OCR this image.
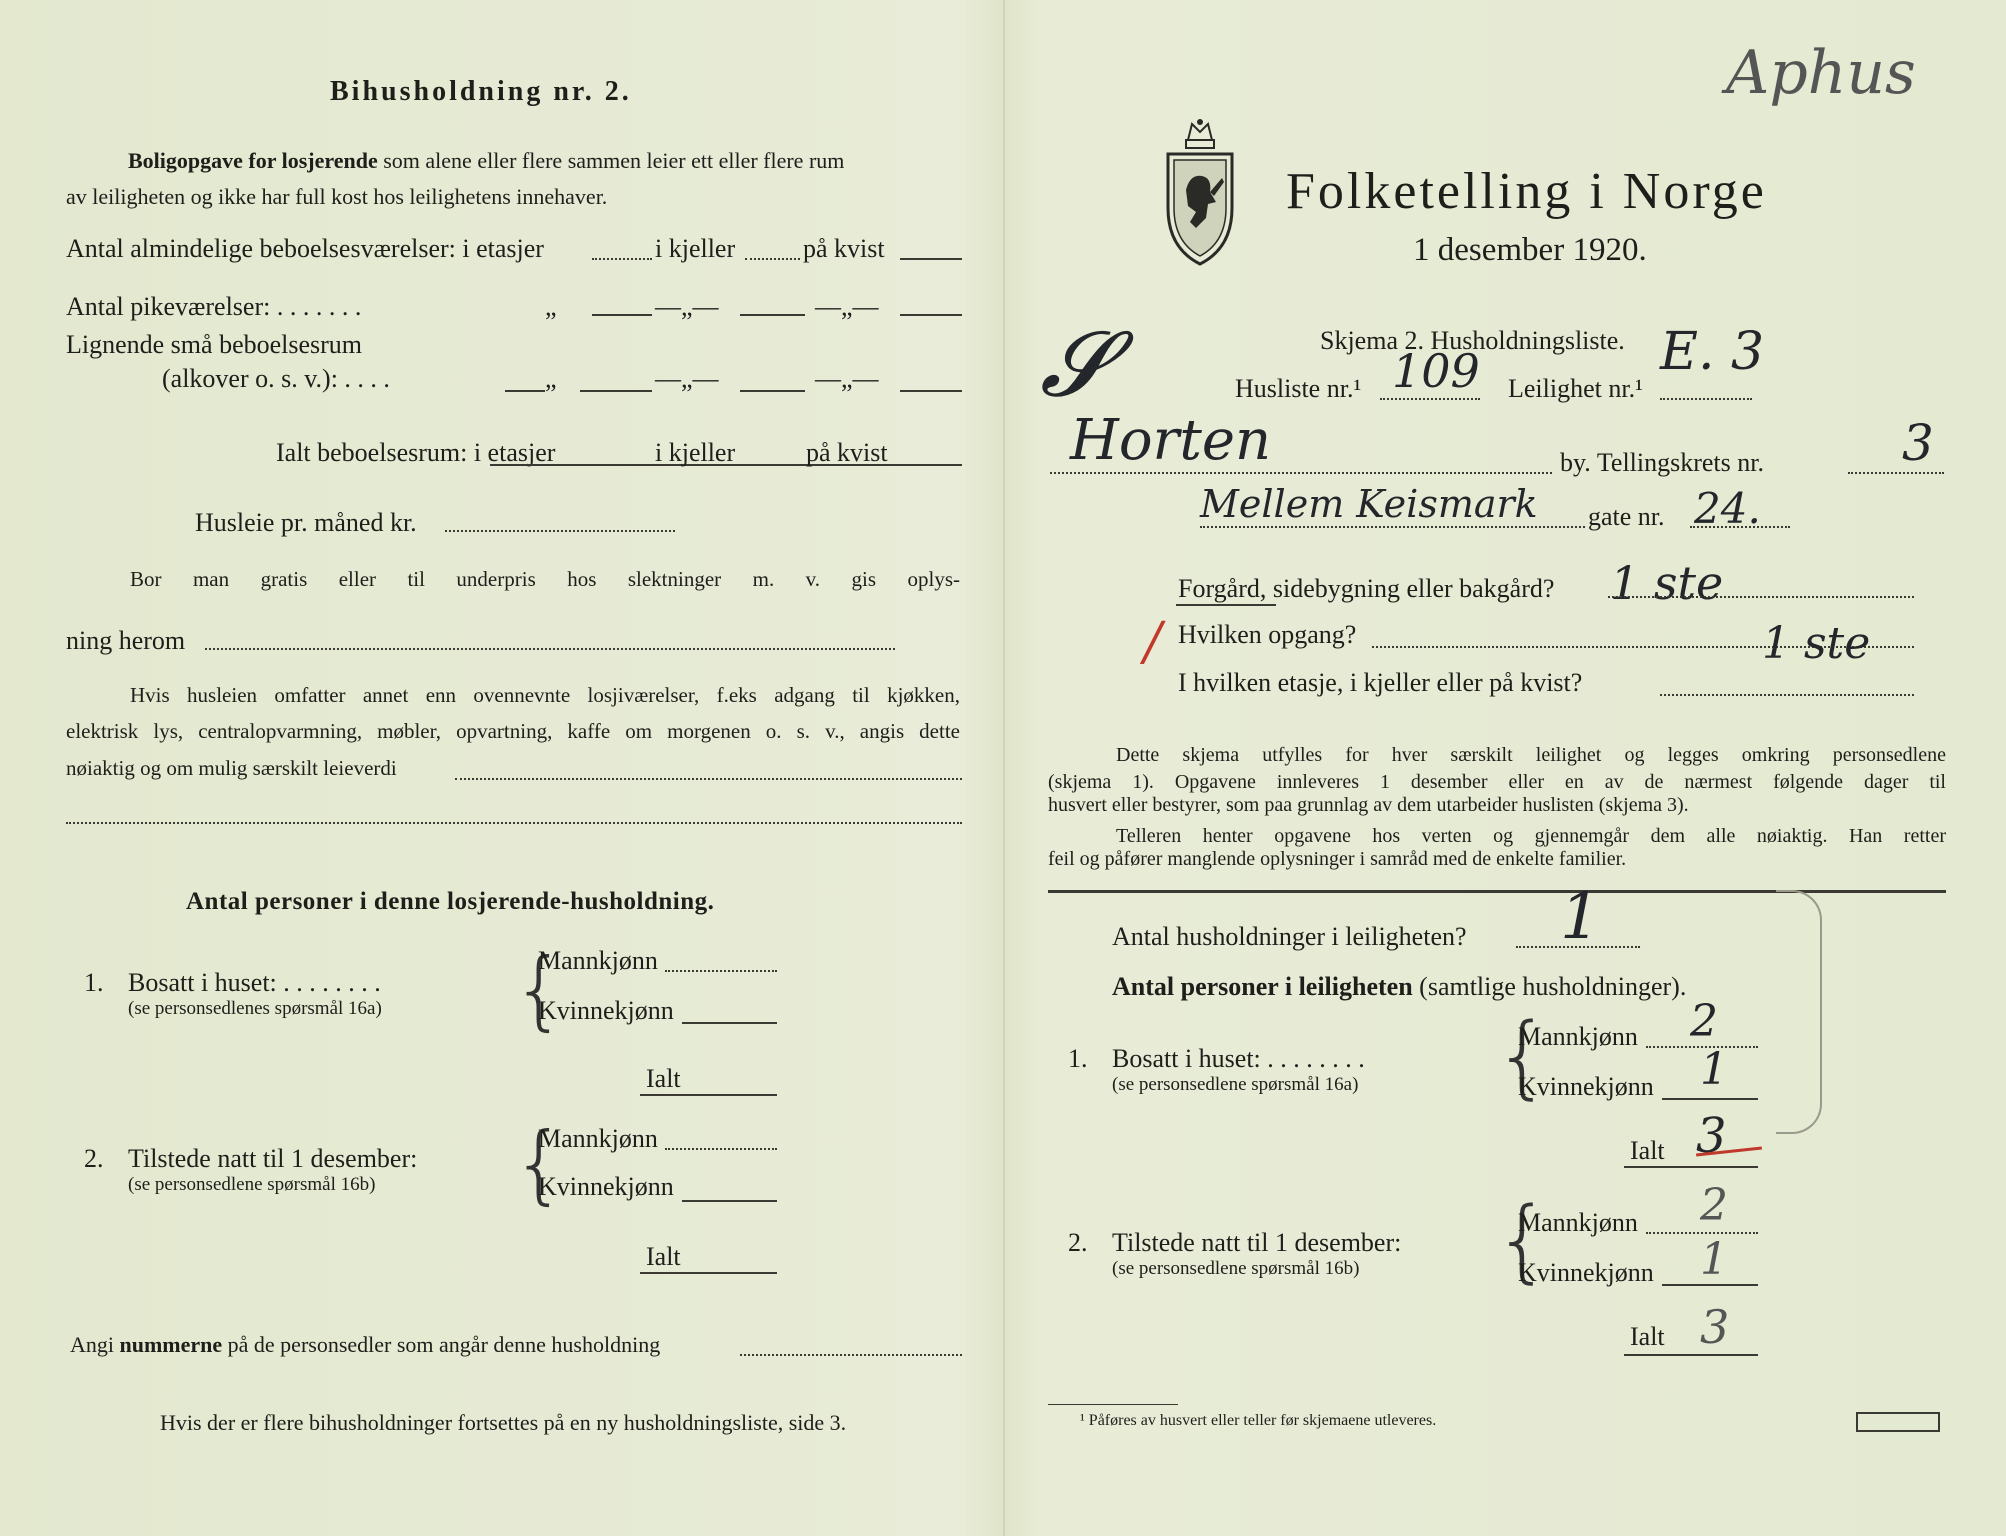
Bihusholdning nr. 2.
Boligopgave for losjerende som alene eller flere sammen leier ett eller flere rum
av leiligheten og ikke har full kost hos leilighetens innehaver.
Antal almindelige beboelsesværelser: i etasjer	i kjeller	på kvist
Antal pikeværelser: . . . . . . .	„	—„—	—„—
Lignende små beboelsesrum
(alkover o. s. v.): . . . .	„	—„—	—„—
Ialt beboelsesrum: i etasjer	i kjeller	på kvist
Husleie pr. måned kr.
Bor man gratis eller til underpris hos slektninger m. v. gis oplys-
ning herom
Hvis husleien omfatter annet enn ovennevnte losjiværelser, f.eks adgang til kjøkken,
elektrisk lys, centralopvarmning, møbler, opvartning, kaffe om morgenen o. s. v., angis dette
nøiaktig og om mulig særskilt leieverdi
Antal personer i denne losjerende-husholdning.
1. Bosatt i huset: . . . . . . . .
(se personsedlenes spørsmål 16a) {
Mannkjønn
Kvinnekjønn
Ialt
2. Tilstede natt til 1 desember:
(se personsedlene spørsmål 16b) {
Mannkjønn
Kvinnekjønn
Ialt
Angi nummerne på de personsedler som angår denne husholdning
Hvis der er flere bihusholdninger fortsettes på en ny husholdningsliste, side 3.
Folketelling i Norge
1 desember 1920.
Skjema 2. Husholdningsliste.
𝓢	Husliste nr.¹ 109 Leilighet nr.¹
E. 3
Horten	by. Tellingskrets nr.	3
Mellem Keismark gate nr. 24.
Forgård, sidebygning eller bakgård? 1 ste
/ Hvilken opgang?	1 ste
I hvilken etasje, i kjeller eller på kvist?
Dette skjema utfylles for hver særskilt leilighet og legges omkring personsedlene
(skjema 1). Opgavene innleveres 1 desember eller en av de nærmest følgende dager til
husvert eller bestyrer, som paa grunnlag av dem utarbeider huslisten (skjema 3).
Telleren henter opgavene hos verten og gjennemgår dem alle nøiaktig. Han retter
feil og påfører manglende oplysninger i samråd med de enkelte familier.
Antal husholdninger i leiligheten? 1
Antal personer i leiligheten (samtlige husholdninger).
1. Bosatt i huset: . . . . . . . .
(se personsedlene spørsmål 16a) {
Mannkjønn 2
Kvinnekjønn 1
Ialt 3
2. Tilstede natt til 1 desember:
(se personsedlene spørsmål 16b) {
Mannkjønn 2
Kvinnekjønn 1
Ialt 3
Aphus
¹ Påføres av husvert eller teller før skjemaene utleveres.
